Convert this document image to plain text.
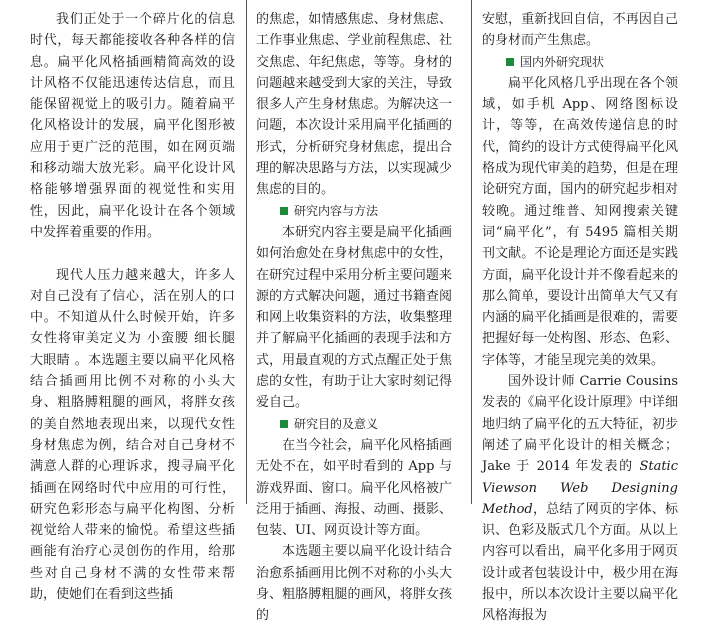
我们正处于一个碎片化的信息时代，每天都能接收各种各样的信息。扁平化风格插画精简高效的设计风格不仅能迅速传达信息，而且能保留视觉上的吸引力。随着扁平化风格设计的发展，扁平化图形被应用于更广泛的范围，如在网页端和移动端大放光彩。扁平化设计风格能够增强界面的视觉性和实用性，因此，扁平化设计在各个领域中发挥着重要的作用。

现代人压力越来越大，许多人对自己没有了信心，活在别人的口中。不知道从什么时候开始，许多女性将审美定义为 小蛮腰 细长腿 大眼睛 。本选题主要以扁平化风格结合插画用比例不对称的小头大身、粗胳膊粗腿的画风，将胖女孩的美自然地表现出来，以现代女性身材焦虑为例，结合对自己身材不满意人群的心理诉求，搜寻扁平化插画在网络时代中应用的可行性，研究色彩形态与扁平化构图、分析视觉给人带来的愉悦。希望这些插画能有治疗心灵创伤的作用，给那些对自己身材不满的女性带来帮助，使她们在看到这些插

的焦虑，如情感焦虑、身材焦虑、工作事业焦虑、学业前程焦虑、社交焦虑、年纪焦虑，等等。身材的问题越来越受到大家的关注，导致很多人产生身材焦虑。为解决这一问题，本次设计采用扁平化插画的形式，分析研究身材焦虑，提出合理的解决思路与方法，以实现减少焦虑的目的。

研究内容与方法

本研究内容主要是扁平化插画如何治愈处在身材焦虑中的女性，在研究过程中采用分析主要问题来源的方式解决问题，通过书籍查阅和网上收集资料的方法，收集整理并了解扁平化插画的表现手法和方式，用最直观的方式点醒正处于焦虑的女性，有助于让大家时刻记得爱自己。

研究目的及意义

在当今社会，扁平化风格插画无处不在，如平时看到的 App 与游戏界面、窗口。扁平化风格被广泛用于插画、海报、动画、摄影、包装、UI、网页设计等方面。

本选题主要以扁平化设计结合治愈系插画用比例不对称的小头大身、粗胳膊粗腿的画风，将胖女孩的

安慰，重新找回自信，不再因自己的身材而产生焦虑。

国内外研究现状

扁平化风格几乎出现在各个领域，如手机 App、网络图标设计，等等，在高效传递信息的时代，简约的设计方式使得扁平化风格成为现代审美的趋势，但是在理论研究方面，国内的研究起步相对较晚。通过维普、知网搜索关键词“扁平化”，有 5495 篇相关期刊文献。不论是理论方面还是实践方面，扁平化设计并不像看起来的那么简单，要设计出简单大气又有内涵的扁平化插画是很难的，需要把握好每一处构图、形态、色彩、字体等，才能呈现完美的效果。

国外设计师 Carrie Cousins 发表的《扁平化设计原理》中详细地归纳了扁平化的五大特征，初步阐述了扁平化设计的相关概念；Jake 于 2014 年发表的 Static Viewson Web Designing Method，总结了网页的字体、标识、色彩及版式几个方面。从以上内容可以看出，扁平化多用于网页设计或者包装设计中，极少用在海报中，所以本次设计主要以扁平化风格海报为
